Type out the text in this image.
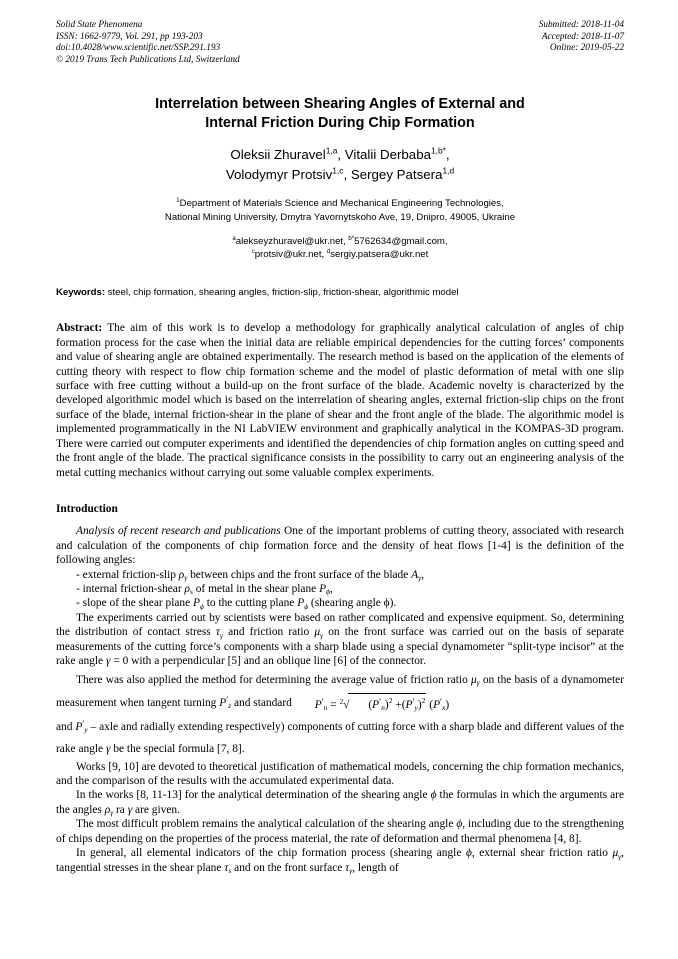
Solid State Phenomena
ISSN: 1662-9779, Vol. 291, pp 193-203
doi:10.4028/www.scientific.net/SSP.291.193
© 2019 Trans Tech Publications Ltd, Switzerland
Submitted: 2018-11-04
Accepted: 2018-11-07
Online: 2019-05-22
Interrelation between Shearing Angles of External and
Internal Friction During Chip Formation
Oleksii Zhuravel$^{1,a}$, Vitalii Derbaba$^{1,b*}$,
Volodymyr Protsiv$^{1,c}$, Sergey Patsera$^{1,d}$
$^1$Department of Materials Science and Mechanical Engineering Technologies,
National Mining University, Dmytra Yavornytskoho Ave, 19, Dnipro, 49005, Ukraine
$^a$alekseyzhuravel@ukr.net, $^{b*}$5762634@gmail.com,
$^c$protsiv@ukr.net, $^d$sergiy.patsera@ukr.net
Keywords: steel, chip formation, shearing angles, friction-slip, friction-shear, algorithmic model
Abstract: The aim of this work is to develop a methodology for graphically analytical calculation of angles of chip formation process for the case when the initial data are reliable empirical dependencies for the cutting forces’ components and value of shearing angle are obtained experimentally. The research method is based on the application of the elements of cutting theory with respect to flow chip formation scheme and the model of plastic deformation of metal with one slip surface with free cutting without a build-up on the front surface of the blade. Academic novelty is characterized by the developed algorithmic model which is based on the interrelation of shearing angles, external friction-slip chips on the front surface of the blade, internal friction-shear in the plane of shear and the front angle of the blade. The algorithmic model is implemented programmatically in the NI LabVIEW environment and graphically analytical in the KOMPAS-3D program. There were carried out computer experiments and identified the dependencies of chip formation angles on cutting speed and the front angle of the blade. The practical significance consists in the possibility to carry out an engineering analysis of the metal cutting mechanics without carrying out some valuable complex experiments.
Introduction
Analysis of recent research and publications One of the important problems of cutting theory, associated with research and calculation of the components of chip formation force and the density of heat flows [1-4] is the definition of the following angles:
- external friction-slip $\rho_\gamma$ between chips and the front surface of the blade $A_\gamma$,
- internal friction-shear $\rho_s$ of metal in the shear plane $P_\phi$,
- slope of the shear plane $P_\phi$ to the cutting plane $P_\phi$ (shearing angle ϕ).
The experiments carried out by scientists were based on rather complicated and expensive equipment. So, determining the distribution of contact stress $\tau_\gamma$ and friction ratio $\mu_\gamma$ on the front surface was carried out on the basis of separate measurements of the cutting force’s components with a sharp blade using a special dynamometer “split-type incisor” at the rake angle γ = 0 with a perpendicular [5] and an oblique line [6] of the connector.
There was also applied the method for determining the average value of friction ratio $\mu_\gamma$ on the basis of a dynamometer measurement when tangent turning $P'_z$ and standard $P'_n = ^2√$ $(P'_n)^2 +(P'_y)^2$ $(P'_x)$
and $P'_y$ – axle and radially extending respectively) components of cutting force with a sharp blade and different values of the rake angle γ be the special formula [7, 8].
Works [9, 10] are devoted to theoretical justification of mathematical models, concerning the chip formation mechanics, and the comparison of the results with the accumulated experimental data.
In the works [8, 11-13] for the analytical determination of the shearing angle ϕ the formulas in which the arguments are the angles $\rho_\gamma$ ra γ are given.
The most difficult problem remains the analytical calculation of the shearing angle ϕ, including due to the strengthening of chips depending on the properties of the process material, the rate of deformation and thermal phenomena [4, 8].
In general, all elemental indicators of the chip formation process (shearing angle ϕ, external shear friction ratio $\mu_\gamma$, tangential stresses in the shear plane $\tau_s$ and on the front surface $\tau_\gamma$, length of
